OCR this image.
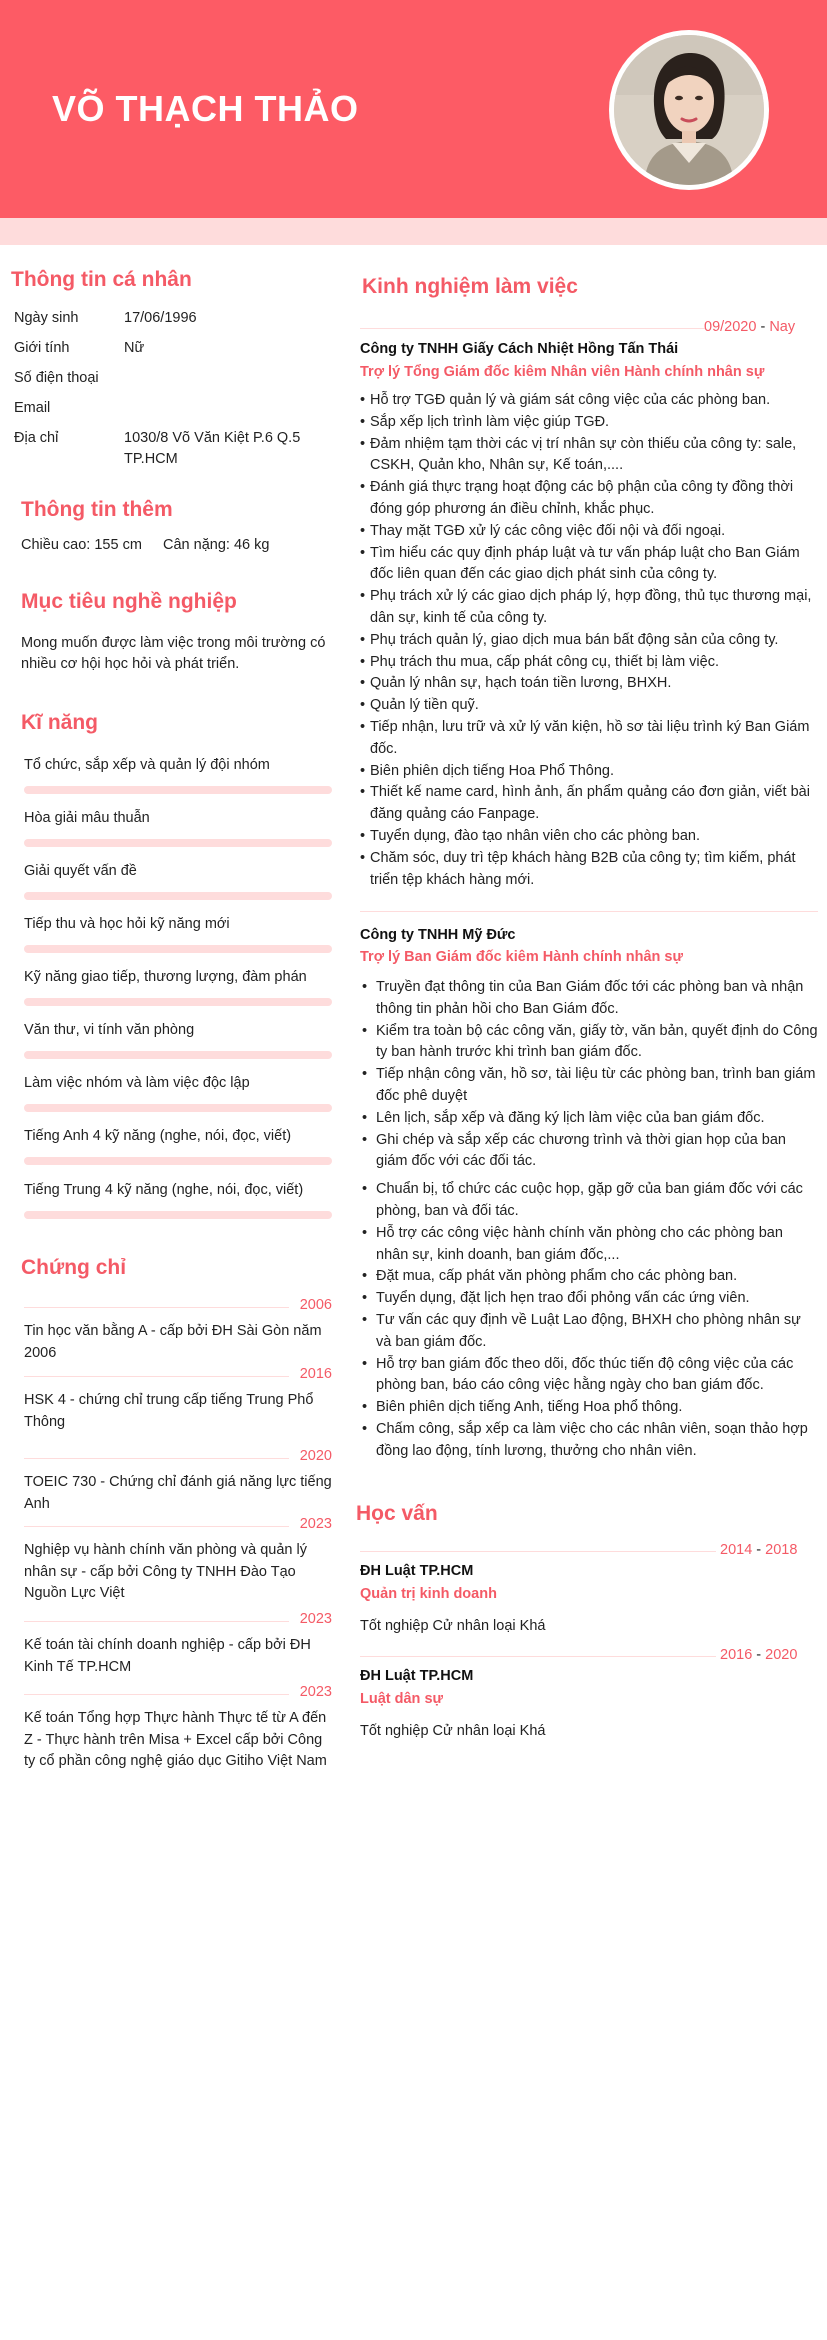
VÕ THẠCH THẢO
Thông tin cá nhân
Ngày sinh	17/06/1996
Giới tính	Nữ
Số điện thoại
Email
Địa chỉ	1030/8 Võ Văn Kiệt P.6 Q.5 TP.HCM
Thông tin thêm
Chiều cao: 155 cm Cân nặng: 46 kg
Mục tiêu nghề nghiệp
Mong muốn được làm việc trong môi trường có nhiều cơ hội học hỏi và phát triển.
Kĩ năng
Tổ chức, sắp xếp và quản lý đội nhóm
Hòa giải mâu thuẫn
Giải quyết vấn đề
Tiếp thu và học hỏi kỹ năng mới
Kỹ năng giao tiếp, thương lượng, đàm phán
Văn thư, vi tính văn phòng
Làm việc nhóm và làm việc độc lập
Tiếng Anh 4 kỹ năng (nghe, nói, đọc, viết)
Tiếng Trung 4 kỹ năng (nghe, nói, đọc, viết)
Chứng chỉ
2006
Tin học văn bằng A - cấp bởi ĐH Sài Gòn năm 2006
2016
HSK 4 - chứng chỉ trung cấp tiếng Trung Phổ Thông
2020
TOEIC 730 - Chứng chỉ đánh giá năng lực tiếng Anh
2023
Nghiệp vụ hành chính văn phòng và quản lý nhân sự - cấp bởi Công ty TNHH Đào Tạo Nguồn Lực Việt
2023
Kế toán tài chính doanh nghiệp - cấp bởi ĐH Kinh Tế TP.HCM
2023
Kế toán Tổng hợp Thực hành Thực tế từ A đến Z - Thực hành trên Misa + Excel cấp bởi Công ty cổ phần công nghệ giáo dục Gitiho Việt Nam
Kinh nghiệm làm việc
09/2020 - Nay
Công ty TNHH Giấy Cách Nhiệt Hồng Tấn Thái
Trợ lý Tổng Giám đốc kiêm Nhân viên Hành chính nhân sự
• Hỗ trợ TGĐ quản lý và giám sát công việc của các phòng ban.
• Sắp xếp lịch trình làm việc giúp TGĐ.
• Đảm nhiệm tạm thời các vị trí nhân sự còn thiếu của công ty: sale, CSKH, Quản kho, Nhân sự, Kế toán,....
• Đánh giá thực trạng hoạt động các bộ phận của công ty đồng thời đóng góp phương án điều chỉnh, khắc phục.
• Thay mặt TGĐ xử lý các công việc đối nội và đối ngoại.
• Tìm hiểu các quy định pháp luật và tư vấn pháp luật cho Ban Giám đốc liên quan đến các giao dịch phát sinh của công ty.
• Phụ trách xử lý các giao dịch pháp lý, hợp đồng, thủ tục thương mại, dân sự, kinh tế của công ty.
• Phụ trách quản lý, giao dịch mua bán bất động sản của công ty.
• Phụ trách thu mua, cấp phát công cụ, thiết bị làm việc.
• Quản lý nhân sự, hạch toán tiền lương, BHXH.
• Quản lý tiền quỹ.
• Tiếp nhận, lưu trữ và xử lý văn kiện, hồ sơ tài liệu trình ký Ban Giám đốc.
• Biên phiên dịch tiếng Hoa Phổ Thông.
• Thiết kế name card, hình ảnh, ấn phẩm quảng cáo đơn giản, viết bài đăng quảng cáo Fanpage.
• Tuyển dụng, đào tạo nhân viên cho các phòng ban.
• Chăm sóc, duy trì tệp khách hàng B2B của công ty; tìm kiếm, phát triển tệp khách hàng mới.
Công ty TNHH Mỹ Đức
Trợ lý Ban Giám đốc kiêm Hành chính nhân sự
• Truyền đạt thông tin của Ban Giám đốc tới các phòng ban và nhận thông tin phản hồi cho Ban Giám đốc.
• Kiểm tra toàn bộ các công văn, giấy tờ, văn bản, quyết định do Công ty ban hành trước khi trình ban giám đốc.
• Tiếp nhận công văn, hồ sơ, tài liệu từ các phòng ban, trình ban giám đốc phê duyệt
• Lên lịch, sắp xếp và đăng ký lịch làm việc của ban giám đốc.
• Ghi chép và sắp xếp các chương trình và thời gian họp của ban giám đốc với các đối tác.
• Chuẩn bị, tổ chức các cuộc họp, gặp gỡ của ban giám đốc với các phòng, ban và đối tác.
• Hỗ trợ các công việc hành chính văn phòng cho các phòng ban nhân sự, kinh doanh, ban giám đốc,...
• Đặt mua, cấp phát văn phòng phẩm cho các phòng ban.
• Tuyển dụng, đặt lịch hẹn trao đổi phỏng vấn các ứng viên.
• Tư vấn các quy định về Luật Lao động, BHXH cho phòng nhân sự và ban giám đốc.
• Hỗ trợ ban giám đốc theo dõi, đốc thúc tiến độ công việc của các phòng ban, báo cáo công việc hằng ngày cho ban giám đốc.
• Biên phiên dịch tiếng Anh, tiếng Hoa phổ thông.
• Chấm công, sắp xếp ca làm việc cho các nhân viên, soạn thảo hợp đồng lao động, tính lương, thưởng cho nhân viên.
Học vấn
2014 - 2018
ĐH Luật TP.HCM
Quản trị kinh doanh
Tốt nghiệp Cử nhân loại Khá
2016 - 2020
ĐH Luật TP.HCM
Luật dân sự
Tốt nghiệp Cử nhân loại Khá
